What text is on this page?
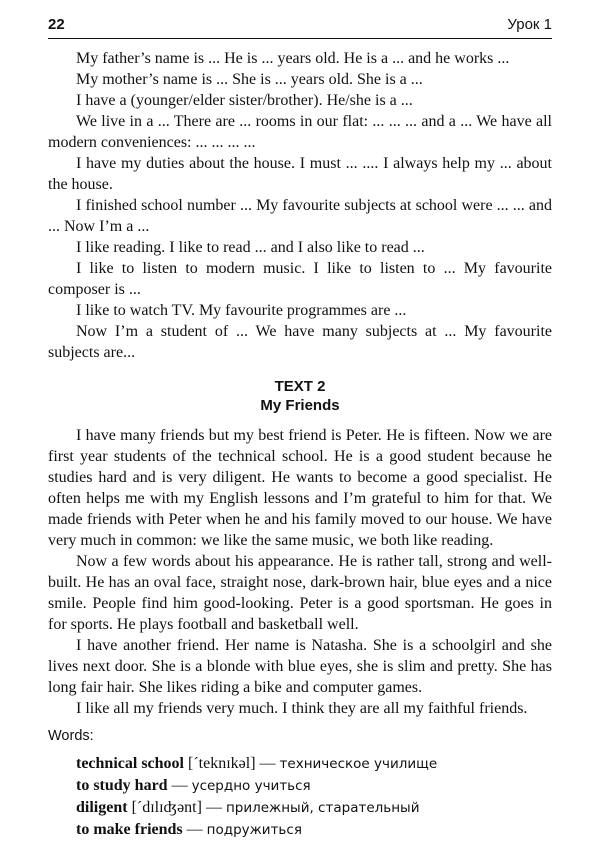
22	Урок 1

My father’s name is ... He is ... years old. He is a ... and he works ...

My mother’s name is ... She is ... years old. She is a ...

I have a (younger/elder sister/brother). He/she is a ...

We live in a ... There are ... rooms in our flat: ... ... ... and a ... We have all modern conveniences: ... ... ... ...

I have my duties about the house. I must ... .... I always help my ... about the house.

I finished school number ... My favourite subjects at school were ... ... and ... Now I’m a ...

I like reading. I like to read ... and I also like to read ...

I like to listen to modern music. I like to listen to ... My favourite composer is ...

I like to watch TV. My favourite programmes are ...

Now I’m a student of ... We have many subjects at ... My favourite subjects are...

TEXT 2
My Friends

I have many friends but my best friend is Peter. He is fifteen. Now we are first year students of the technical school. He is a good student because he studies hard and is very diligent. He wants to become a good specialist. He often helps me with my English lessons and I’m grateful to him for that. We made friends with Peter when he and his family moved to our house. We have very much in common: we like the same music, we both like reading.

Now a few words about his appearance. He is rather tall, strong and well-built. He has an oval face, straight nose, dark-brown hair, blue eyes and a nice smile. People find him good-looking. Peter is a good sportsman. He goes in for sports. He plays football and basketball well.

I have another friend. Her name is Natasha. She is a schoolgirl and she lives next door. She is a blonde with blue eyes, she is slim and pretty. She has long fair hair. She likes riding a bike and computer games.

I like all my friends very much. I think they are all my faithful friends.

Words:
technical school [ˊteknɪkəl] — техническое училище
to study hard — усердно учиться
diligent [ˊdɪlɪʤənt] — прилежный, старательный
to make friends — подружиться
